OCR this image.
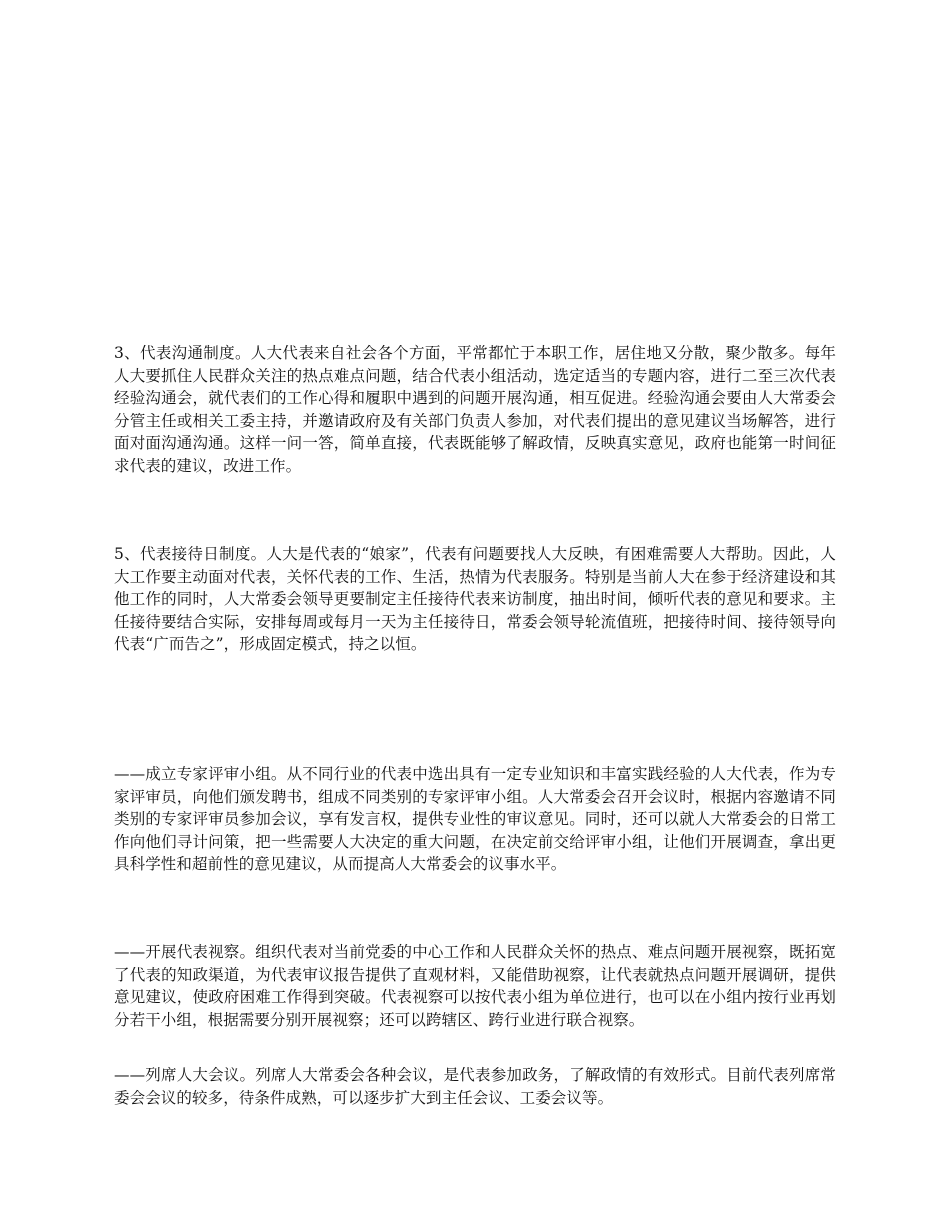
3、代表沟通制度。人大代表来自社会各个方面，平常都忙于本职工作，居住地又分散，聚少散多。每年人大要抓住人民群众关注的热点难点问题，结合代表小组活动，选定适当的专题内容，进行二至三次代表经验沟通会，就代表们的工作心得和履职中遇到的问题开展沟通，相互促进。经验沟通会要由人大常委会分管主任或相关工委主持，并邀请政府及有关部门负责人参加，对代表们提出的意见建议当场解答，进行面对面沟通沟通。这样一问一答，简单直接，代表既能够了解政情，反映真实意见，政府也能第一时间征求代表的建议，改进工作。

5、代表接待日制度。人大是代表的“娘家”，代表有问题要找人大反映，有困难需要人大帮助。因此，人大工作要主动面对代表，关怀代表的工作、生活，热情为代表服务。特别是当前人大在参于经济建设和其他工作的同时，人大常委会领导更要制定主任接待代表来访制度，抽出时间，倾听代表的意见和要求。主任接待要结合实际，安排每周或每月一天为主任接待日，常委会领导轮流值班，把接待时间、接待领导向代表“广而告之”，形成固定模式，持之以恒。

——成立专家评审小组。从不同行业的代表中选出具有一定专业知识和丰富实践经验的人大代表，作为专家评审员，向他们颁发聘书，组成不同类别的专家评审小组。人大常委会召开会议时，根据内容邀请不同类别的专家评审员参加会议，享有发言权，提供专业性的审议意见。同时，还可以就人大常委会的日常工作向他们寻计问策，把一些需要人大决定的重大问题，在决定前交给评审小组，让他们开展调查，拿出更具科学性和超前性的意见建议，从而提高人大常委会的议事水平。

——开展代表视察。组织代表对当前党委的中心工作和人民群众关怀的热点、难点问题开展视察，既拓宽了代表的知政渠道，为代表审议报告提供了直观材料，又能借助视察，让代表就热点问题开展调研，提供意见建议，使政府困难工作得到突破。代表视察可以按代表小组为单位进行，也可以在小组内按行业再划分若干小组，根据需要分别开展视察；还可以跨辖区、跨行业进行联合视察。

——列席人大会议。列席人大常委会各种会议，是代表参加政务，了解政情的有效形式。目前代表列席常委会会议的较多，待条件成熟，可以逐步扩大到主任会议、工委会议等。
